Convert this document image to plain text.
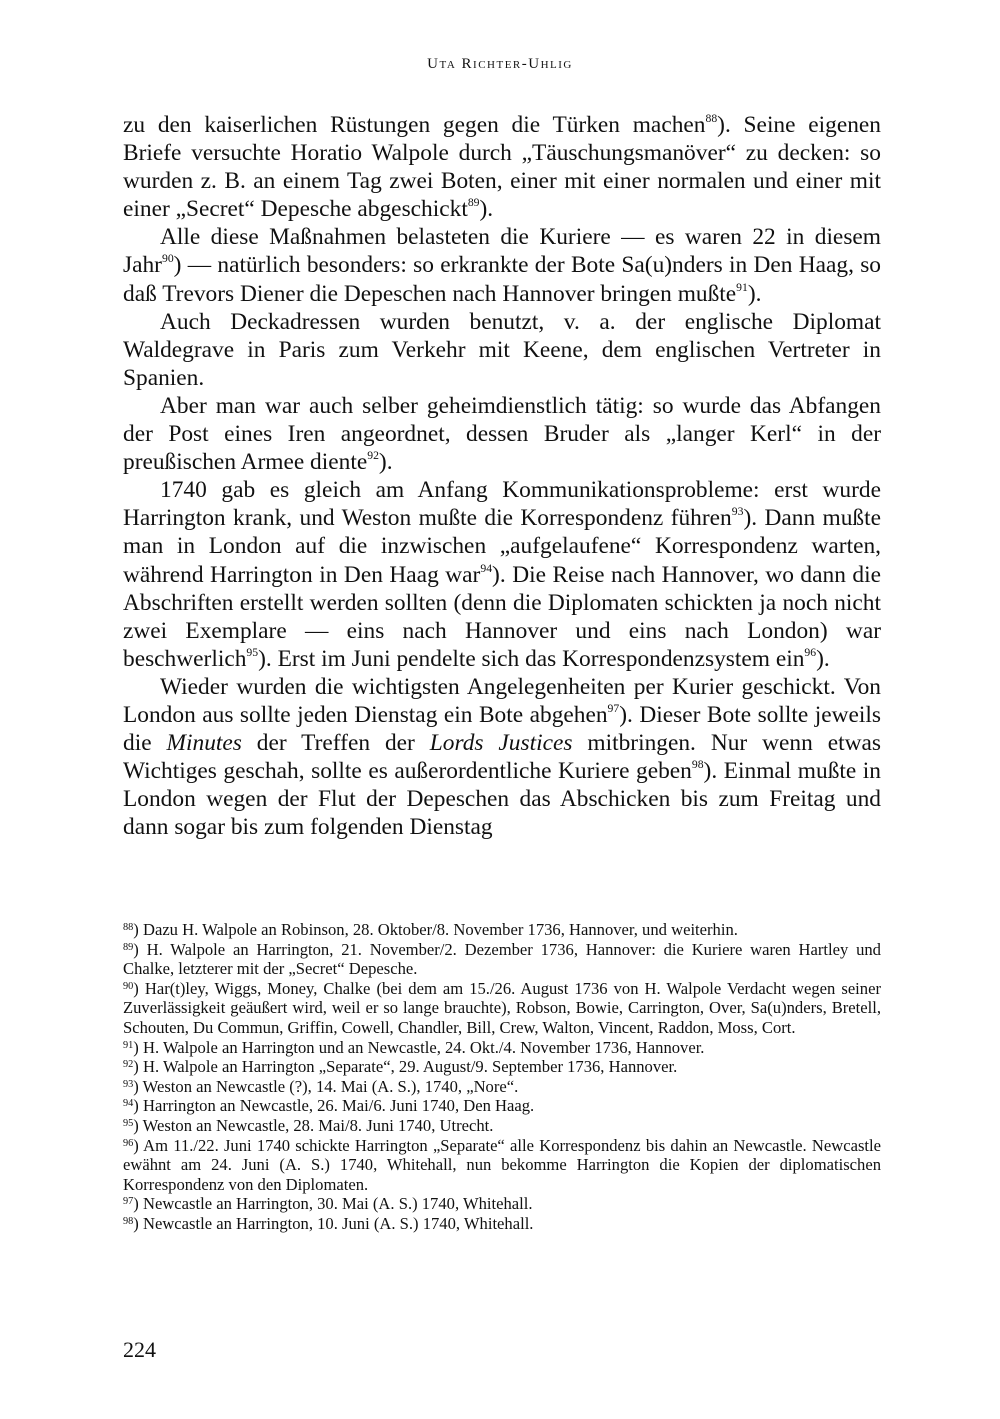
Uta Richter-Uhlig

zu den kaiserlichen Rüstungen gegen die Türken machen$^{88}$). Seine eigenen Briefe versuchte Horatio Walpole durch „Täuschungsmanöver“ zu decken: so wurden z. B. an einem Tag zwei Boten, einer mit einer normalen und einer mit einer „Secret“ Depesche abgeschickt$^{89}$).

Alle diese Maßnahmen belasteten die Kuriere — es waren 22 in diesem Jahr$^{90}$) — natürlich besonders: so erkrankte der Bote Sa(u)nders in Den Haag, so daß Trevors Diener die Depeschen nach Hannover bringen mußte$^{91}$).

Auch Deckadressen wurden benutzt, v. a. der englische Diplomat Waldegrave in Paris zum Verkehr mit Keene, dem englischen Vertreter in Spanien.

Aber man war auch selber geheimdienstlich tätig: so wurde das Abfangen der Post eines Iren angeordnet, dessen Bruder als „langer Kerl“ in der preußischen Armee diente$^{92}$).

1740 gab es gleich am Anfang Kommunikationsprobleme: erst wurde Harrington krank, und Weston mußte die Korrespondenz führen$^{93}$). Dann mußte man in London auf die inzwischen „aufgelaufene“ Korrespondenz warten, während Harrington in Den Haag war$^{94}$). Die Reise nach Hannover, wo dann die Abschriften erstellt werden sollten (denn die Diplomaten schickten ja noch nicht zwei Exemplare — eins nach Hannover und eins nach London) war beschwerlich$^{95}$). Erst im Juni pendelte sich das Korrespondenzsystem ein$^{96}$).

Wieder wurden die wichtigsten Angelegenheiten per Kurier geschickt. Von London aus sollte jeden Dienstag ein Bote abgehen$^{97}$). Dieser Bote sollte jeweils die Minutes der Treffen der Lords Justices mitbringen. Nur wenn etwas Wichtiges geschah, sollte es außerordentliche Kuriere geben$^{98}$). Einmal mußte in London wegen der Flut der Depeschen das Abschicken bis zum Freitag und dann sogar bis zum folgenden Dienstag

$^{88}$) Dazu H. Walpole an Robinson, 28. Oktober/8. November 1736, Hannover, und weiterhin.

$^{89}$) H. Walpole an Harrington, 21. November/2. Dezember 1736, Hannover: die Kuriere waren Hartley und Chalke, letzterer mit der „Secret“ Depesche.

$^{90}$) Har(t)ley, Wiggs, Money, Chalke (bei dem am 15./26. August 1736 von H. Walpole Verdacht wegen seiner Zuverlässigkeit geäußert wird, weil er so lange brauchte), Robson, Bowie, Carrington, Over, Sa(u)nders, Bretell, Schouten, Du Commun, Griffin, Cowell, Chandler, Bill, Crew, Walton, Vincent, Raddon, Moss, Cort.

$^{91}$) H. Walpole an Harrington und an Newcastle, 24. Okt./4. November 1736, Hannover.

$^{92}$) H. Walpole an Harrington „Separate“, 29. August/9. September 1736, Hannover.

$^{93}$) Weston an Newcastle (?), 14. Mai (A. S.), 1740, „Nore“.

$^{94}$) Harrington an Newcastle, 26. Mai/6. Juni 1740, Den Haag.

$^{95}$) Weston an Newcastle, 28. Mai/8. Juni 1740, Utrecht.

$^{96}$) Am 11./22. Juni 1740 schickte Harrington „Separate“ alle Korrespondenz bis dahin an Newcastle. Newcastle ewähnt am 24. Juni (A. S.) 1740, Whitehall, nun bekomme Harrington die Kopien der diplomatischen Korrespondenz von den Diplomaten.

$^{97}$) Newcastle an Harrington, 30. Mai (A. S.) 1740, Whitehall.

$^{98}$) Newcastle an Harrington, 10. Juni (A. S.) 1740, Whitehall.

224
